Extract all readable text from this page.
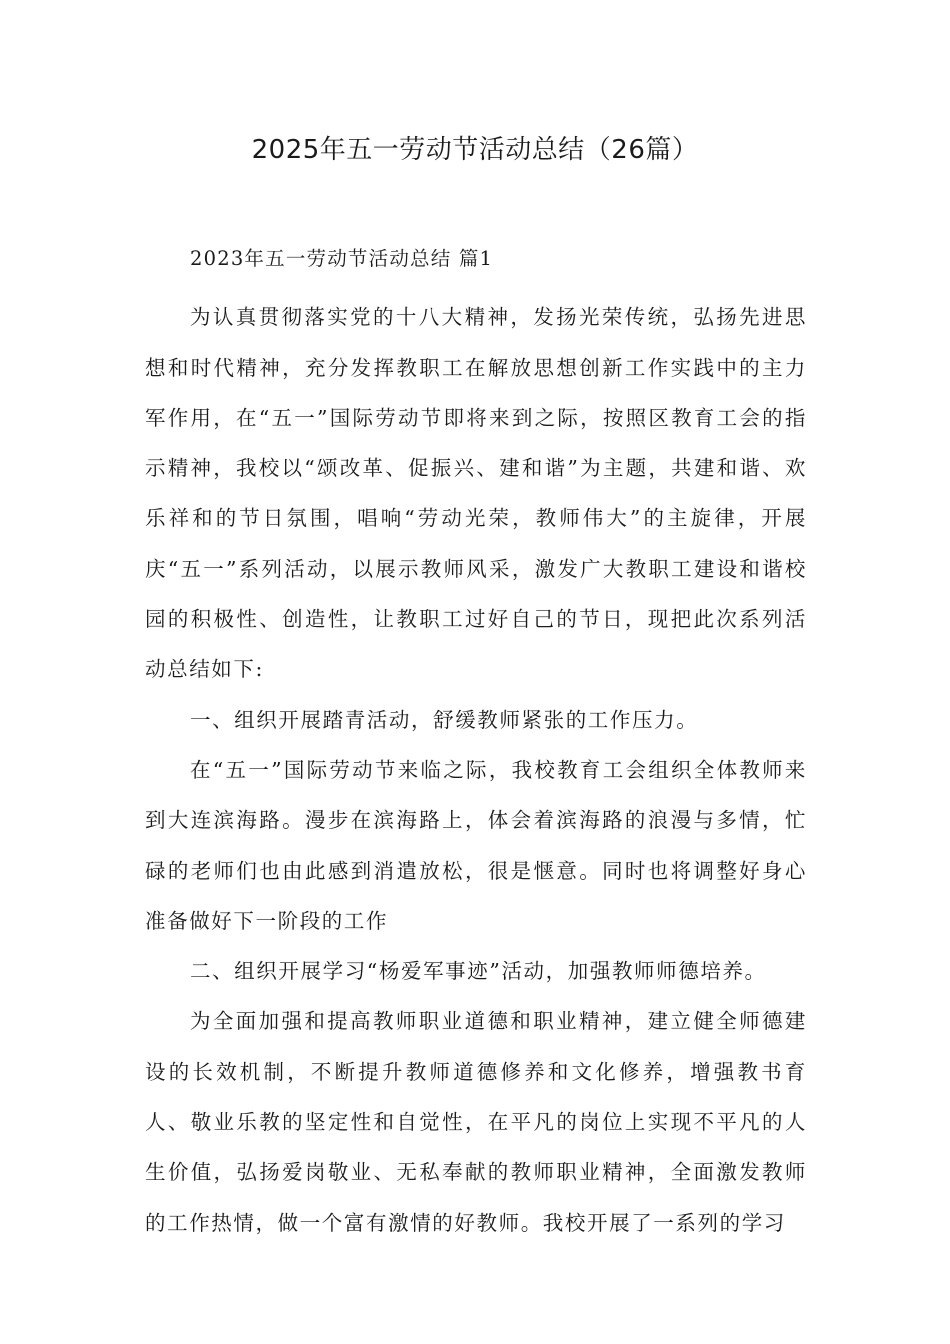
2025年五一劳动节活动总结（26篇）

2023年五一劳动节活动总结 篇1

为认真贯彻落实党的十八大精神，发扬光荣传统，弘扬先进思想和时代精神，充分发挥教职工在解放思想创新工作实践中的主力军作用，在“五一”国际劳动节即将来到之际，按照区教育工会的指示精神，我校以“颂改革、促振兴、建和谐”为主题，共建和谐、欢乐祥和的节日氛围，唱响“劳动光荣，教师伟大”的主旋律，开展庆“五一”系列活动，以展示教师风采，激发广大教职工建设和谐校园的积极性、创造性，让教职工过好自己的节日，现把此次系列活动总结如下:

一、组织开展踏青活动，舒缓教师紧张的工作压力。

在“五一”国际劳动节来临之际，我校教育工会组织全体教师来到大连滨海路。漫步在滨海路上，体会着滨海路的浪漫与多情，忙碌的老师们也由此感到消遣放松，很是惬意。同时也将调整好身心准备做好下一阶段的工作

二、组织开展学习“杨爱军事迹”活动，加强教师师德培养。

为全面加强和提高教师职业道德和职业精神，建立健全师德建设的长效机制，不断提升教师道德修养和文化修养，增强教书育人、敬业乐教的坚定性和自觉性，在平凡的岗位上实现不平凡的人生价值，弘扬爱岗敬业、无私奉献的教师职业精神，全面激发教师的工作热情，做一个富有激情的好教师。我校开展了一系列的学习
